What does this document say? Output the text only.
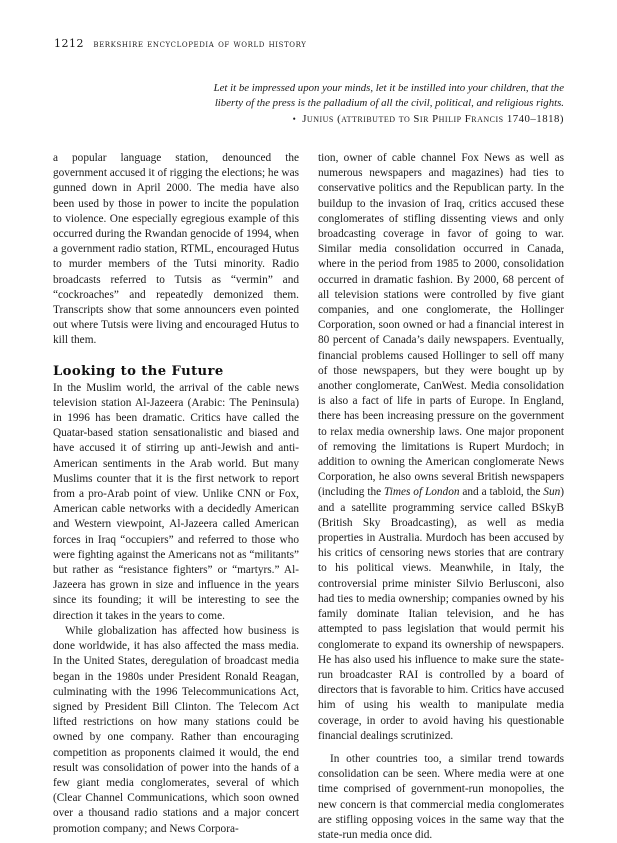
1212 berkshire encyclopedia of world history
Let it be impressed upon your minds, let it be instilled into your children, that the
liberty of the press is the palladium of all the civil, political, and religious rights.
• Junius (attributed to Sir Philip Francis 1740–1818)

a popular language station, denounced the government accused it of rigging the elections; he was gunned down in April 2000. The media have also been used by those in power to incite the population to violence. One especially egregious example of this occurred during the Rwandan genocide of 1994, when a government radio station, RTML, encouraged Hutus to murder members of the Tutsi minority. Radio broadcasts referred to Tutsis as “vermin” and “cockroaches” and repeatedly demonized them. Transcripts show that some announcers even pointed out where Tutsis were living and encouraged Hutus to kill them.

Looking to the Future

In the Muslim world, the arrival of the cable news television station Al-Jazeera (Arabic: The Peninsula) in 1996 has been dramatic. Critics have called the Quatar-based station sensationalistic and biased and have accused it of stirring up anti-Jewish and anti-American sentiments in the Arab world. But many Muslims counter that it is the first network to report from a pro-Arab point of view. Unlike CNN or Fox, American cable networks with a decidedly American and Western viewpoint, Al-Jazeera called American forces in Iraq “occupiers” and referred to those who were fighting against the Americans not as “militants” but rather as “resistance fighters” or “martyrs.” Al-Jazeera has grown in size and influence in the years since its founding; it will be interesting to see the direction it takes in the years to come.

While globalization has affected how business is done worldwide, it has also affected the mass media. In the United States, deregulation of broadcast media began in the 1980s under President Ronald Reagan, culminating with the 1996 Telecommunications Act, signed by President Bill Clinton. The Telecom Act lifted restrictions on how many stations could be owned by one company. Rather than encouraging competition as proponents claimed it would, the end result was consolidation of power into the hands of a few giant media conglomerates, several of which (Clear Channel Communications, which soon owned over a thousand radio stations and a major concert promotion company; and News Corpora-

tion, owner of cable channel Fox News as well as numerous newspapers and magazines) had ties to conservative politics and the Republican party. In the buildup to the invasion of Iraq, critics accused these conglomerates of stifling dissenting views and only broadcasting coverage in favor of going to war. Similar media consolidation occurred in Canada, where in the period from 1985 to 2000, consolidation occurred in dramatic fashion. By 2000, 68 percent of all television stations were controlled by five giant companies, and one conglomerate, the Hollinger Corporation, soon owned or had a financial interest in 80 percent of Canada’s daily newspapers. Eventually, financial problems caused Hollinger to sell off many of those newspapers, but they were bought up by another conglomerate, CanWest. Media consolidation is also a fact of life in parts of Europe. In England, there has been increasing pressure on the government to relax media ownership laws. One major proponent of removing the limitations is Rupert Murdoch; in addition to owning the American conglomerate News Corporation, he also owns several British newspapers (including the Times of London and a tabloid, the Sun) and a satellite programming service called BSkyB (British Sky Broadcasting), as well as media properties in Australia. Murdoch has been accused by his critics of censoring news stories that are contrary to his political views. Meanwhile, in Italy, the controversial prime minister Silvio Berlusconi, also had ties to media ownership; companies owned by his family dominate Italian television, and he has attempted to pass legislation that would permit his conglomerate to expand its ownership of newspapers. He has also used his influence to make sure the state-run broadcaster RAI is controlled by a board of directors that is favorable to him. Critics have accused him of using his wealth to manipulate media coverage, in order to avoid having his questionable financial dealings scrutinized.

In other countries too, a similar trend towards consolidation can be seen. Where media were at one time comprised of government-run monopolies, the new concern is that commercial media conglomerates are stifling opposing voices in the same way that the state-run media once did.
